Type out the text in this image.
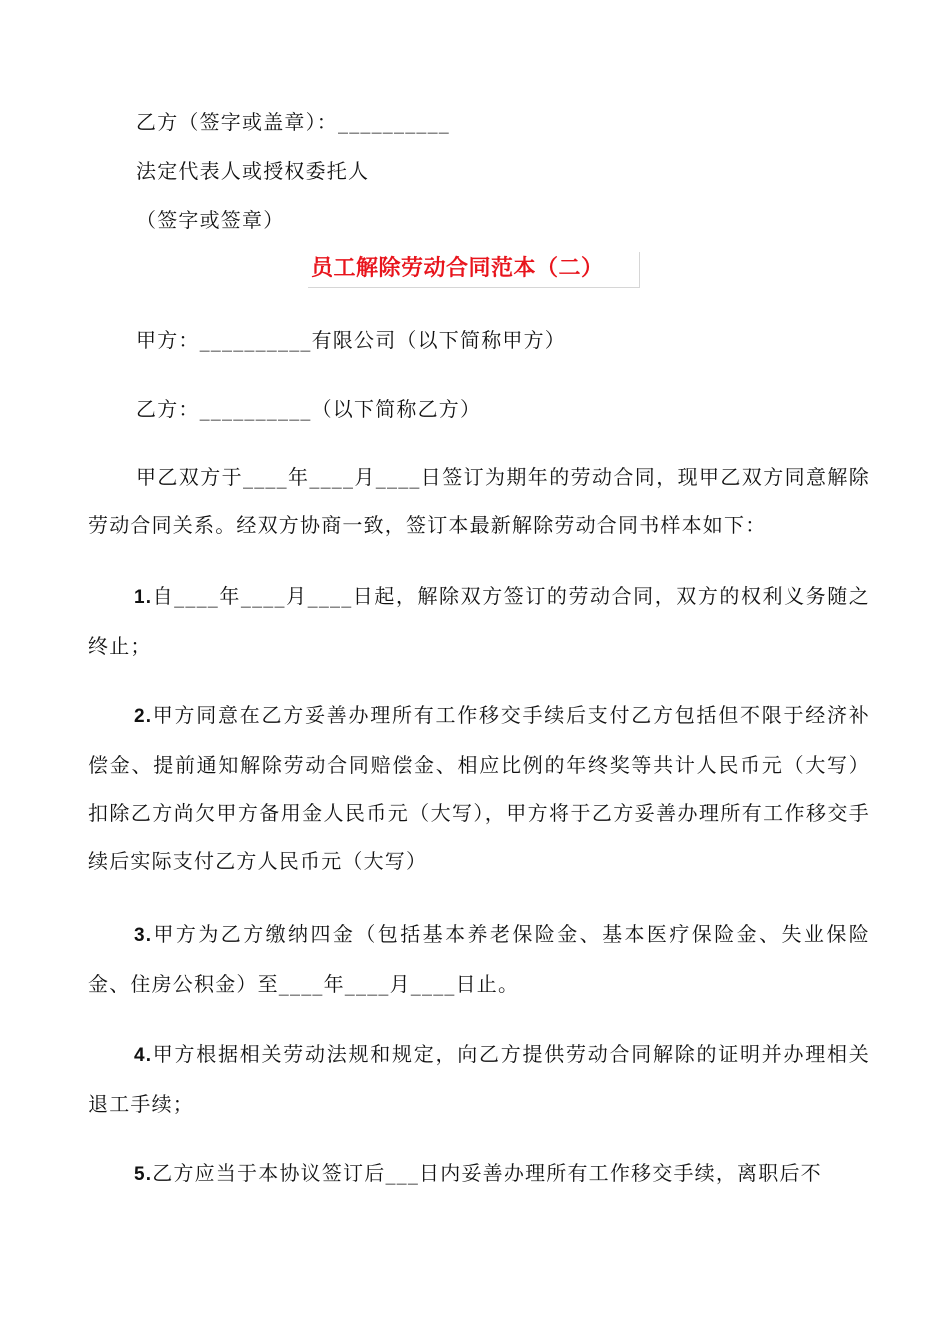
乙方（签字或盖章）：__________
法定代表人或授权委托人
（签字或签章）
员工解除劳动合同范本（二）
甲方：__________有限公司（以下简称甲方）
乙方：__________（以下简称乙方）
甲乙双方于____年____月____日签订为期年的劳动合同，现甲乙双方同意解除劳动合同关系。经双方协商一致，签订本最新解除劳动合同书样本如下：
1.自____年____月____日起，解除双方签订的劳动合同，双方的权利义务随之终止；
2.甲方同意在乙方妥善办理所有工作移交手续后支付乙方包括但不限于经济补偿金、提前通知解除劳动合同赔偿金、相应比例的年终奖等共计人民币元（大写）扣除乙方尚欠甲方备用金人民币元（大写），甲方将于乙方妥善办理所有工作移交手续后实际支付乙方人民币元（大写）
3.甲方为乙方缴纳四金（包括基本养老保险金、基本医疗保险金、失业保险金、住房公积金）至____年____月____日止。
4.甲方根据相关劳动法规和规定，向乙方提供劳动合同解除的证明并办理相关退工手续；
5.乙方应当于本协议签订后___日内妥善办理所有工作移交手续，离职后不
